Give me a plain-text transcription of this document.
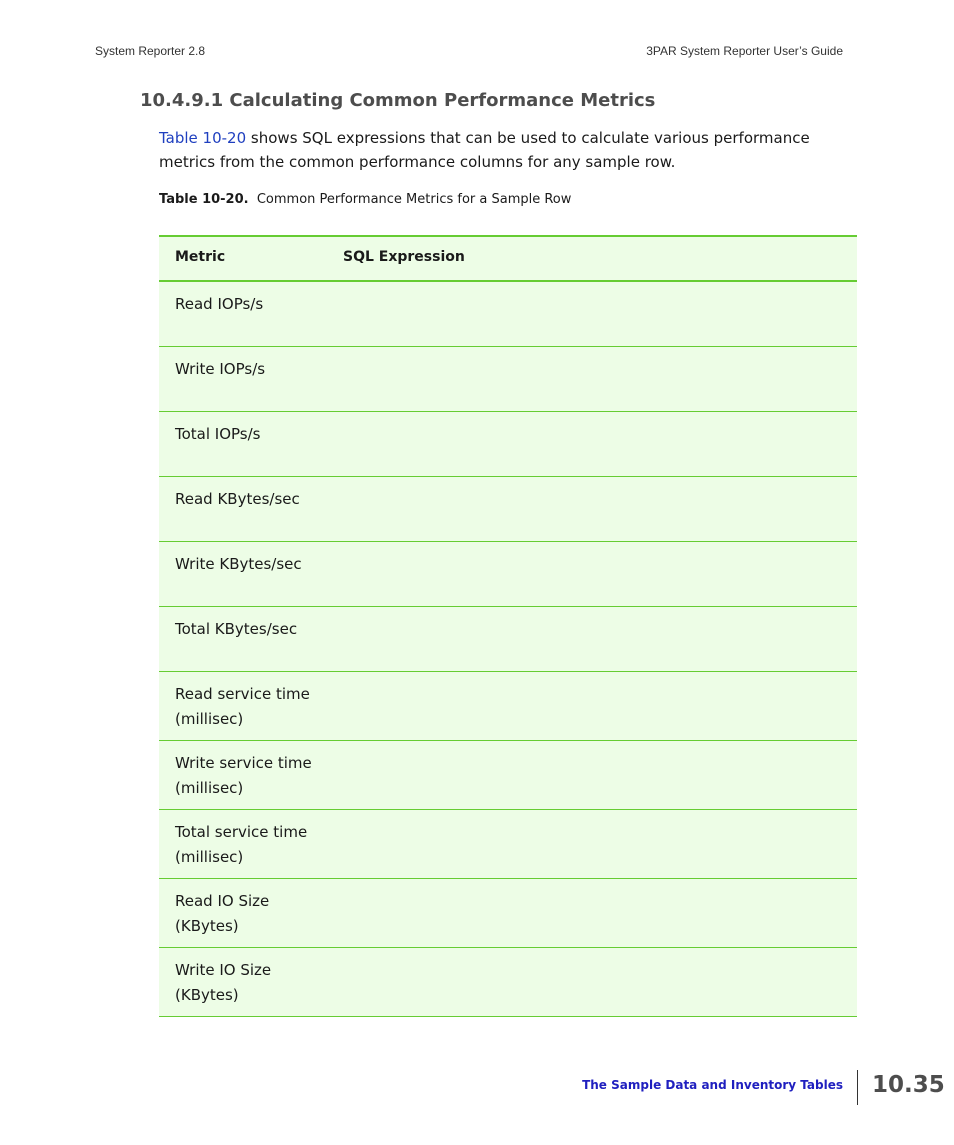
System Reporter 2.8	3PAR System Reporter User’s Guide
10.4.9.1 Calculating Common Performance Metrics

Table 10-20 shows SQL expressions that can be used to calculate various performance metrics from the common performance columns for any sample row.

Table 10-20. Common Performance Metrics for a Sample Row
Metric	SQL Expression
Read IOPs/s
Write IOPs/s
Total IOPs/s
Read KBytes/sec
Write KBytes/sec
Total KBytes/sec
Read service time
(millisec)
Write service time
(millisec)
Total service time
(millisec)
Read IO Size
(KBytes)
Write IO Size
(KBytes)
The Sample Data and Inventory Tables 10.35
